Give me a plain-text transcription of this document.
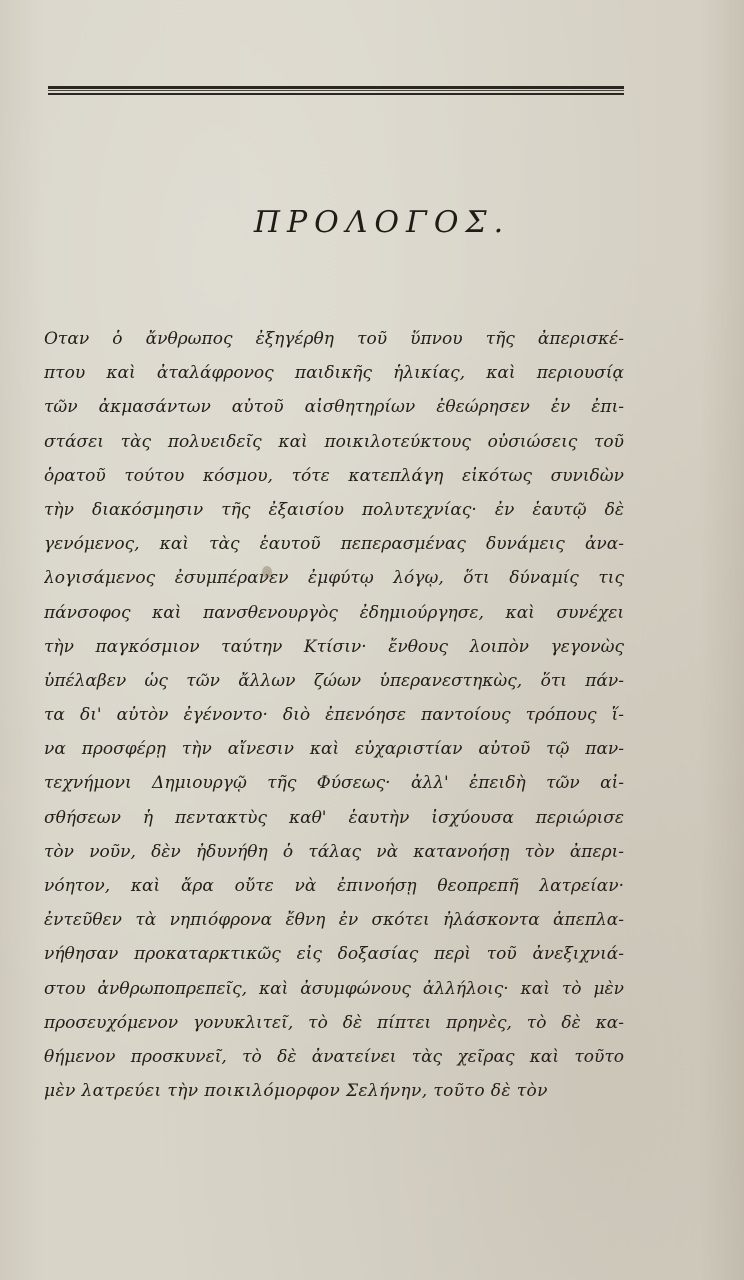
ΠΡΟΛΟΓΟΣ.
Οταν ὁ ἄνθρωπος ἐξηγέρθη τοῦ ὕπνου τῆς ἀπερισκέ-
πτου καὶ ἀταλάφρονος παιδικῆς ἡλικίας, καὶ περιουσίᾳ
τῶν ἀκμασάντων αὐτοῦ αἰσθητηρίων ἐθεώρησεν ἐν ἐπι-
στάσει τὰς πολυειδεῖς καὶ ποικιλοτεύκτους οὐσιώσεις τοῦ
ὁρατοῦ τούτου κόσμου, τότε κατεπλάγη εἰκότως συνιδὼν
τὴν διακόσμησιν τῆς ἐξαισίου πολυτεχνίας· ἐν ἑαυτῷ δὲ
γενόμενος, καὶ τὰς ἑαυτοῦ πεπερασμένας δυνάμεις ἀνα-
λογισάμενος ἐσυμπέρανεν ἐμφύτῳ λόγῳ, ὅτι δύναμίς τις
πάνσοφος καὶ πανσθενουργὸς ἐδημιούργησε, καὶ συνέχει
τὴν παγκόσμιον ταύτην Κτίσιν· ἔνθους λοιπὸν γεγονὼς
ὑπέλαβεν ὡς τῶν ἄλλων ζώων ὑπερανεστηκὼς, ὅτι πάν-
τα δι' αὐτὸν ἐγένοντο· διὸ ἐπενόησε παντοίους τρόπους ἵ-
να προσφέρῃ τὴν αἴνεσιν καὶ εὐχαριστίαν αὐτοῦ τῷ παν-
τεχνήμονι Δημιουργῷ τῆς Φύσεως· ἀλλ' ἐπειδὴ τῶν αἰ-
σθήσεων ἡ πεντακτὺς καθ' ἑαυτὴν ἰσχύουσα περιώρισε
τὸν νοῦν, δὲν ἠδυνήθη ὁ τάλας νὰ κατανοήσῃ τὸν ἀπερι-
νόητον, καὶ ἄρα οὔτε νὰ ἐπινοήσῃ θεοπρεπῆ λατρείαν·
ἐντεῦθεν τὰ νηπιόφρονα ἔθνη ἐν σκότει ἠλάσκοντα ἀπεπλα-
νήθησαν προκαταρκτικῶς εἰς δοξασίας περὶ τοῦ ἀνεξιχνιά-
στου ἀνθρωποπρεπεῖς, καὶ ἀσυμφώνους ἀλλήλοις· καὶ τὸ μὲν
προσευχόμενον γονυκλιτεῖ, τὸ δὲ πίπτει πρηνὲς, τὸ δὲ κα-
θήμενον προσκυνεῖ, τὸ δὲ ἀνατείνει τὰς χεῖρας καὶ τοῦτο
μὲν λατρεύει τὴν ποικιλόμορφον Σελήνην, τοῦτο δὲ τὸν
